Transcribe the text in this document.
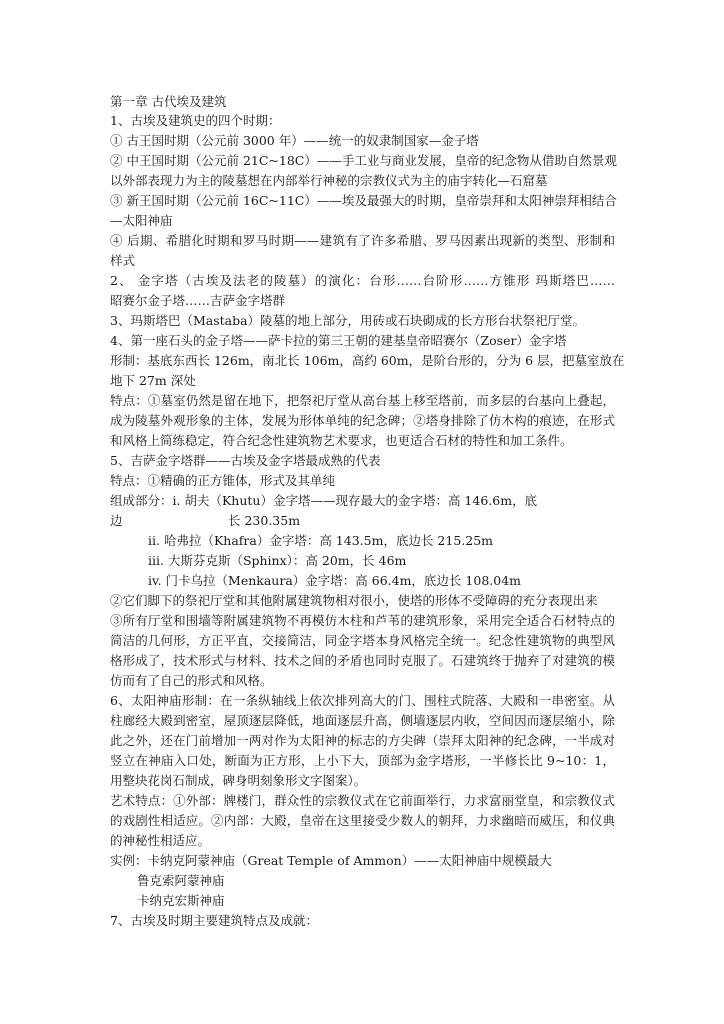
第一章 古代埃及建筑
1、古埃及建筑史的四个时期：
① 古王国时期（公元前 3000 年）——统一的奴隶制国家—金子塔
② 中王国时期（公元前 21C~18C）——手工业与商业发展，皇帝的纪念物从借助自然景观
以外部表现力为主的陵墓想在内部举行神秘的宗教仪式为主的庙宇转化—石窟墓
③ 新王国时期（公元前 16C~11C）——埃及最强大的时期，皇帝崇拜和太阳神崇拜相结合
—太阳神庙
④ 后期、希腊化时期和罗马时期——建筑有了许多希腊、罗马因素出现新的类型、形制和
样式
2、 金字塔（古埃及法老的陵墓）的演化：台形……台阶形……方锥形 玛斯塔巴……
昭赛尔金子塔……吉萨金字塔群
3、玛斯塔巴（Mastaba）陵墓的地上部分，用砖或石块砌成的长方形台状祭祀厅堂。
4、第一座石头的金子塔——萨卡拉的第三王朝的建基皇帝昭赛尔（Zoser）金字塔
形制：基底东西长 126m，南北长 106m，高约 60m，是阶台形的，分为 6 层，把墓室放在
地下 27m 深处
特点：①墓室仍然是留在地下，把祭祀厅堂从高台基上移至塔前，而多层的台基向上叠起，
成为陵墓外观形象的主体，发展为形体单纯的纪念碑；②塔身排除了仿木构的痕迹，在形式
和风格上简练稳定，符合纪念性建筑物艺术要求，也更适合石材的特性和加工条件。
5、吉萨金字塔群——古埃及金字塔最成熟的代表
特点：①精确的正方锥体，形式及其单纯
组成部分：i. 胡夫（Khutu）金字塔——现存最大的金字塔：高 146.6m，底
边	长 230.35m
ii. 哈弗拉（Khafra）金字塔：高 143.5m，底边长 215.25m
iii. 大斯芬克斯（Sphinx）：高 20m，长 46m
iv. 门卡乌拉（Menkaura）金字塔：高 66.4m，底边长 108.04m
②它们脚下的祭祀厅堂和其他附属建筑物相对很小，使塔的形体不受障碍的充分表现出来
③所有厅堂和围墙等附属建筑物不再模仿木柱和芦苇的建筑形象，采用完全适合石材特点的
简洁的几何形，方正平直，交接简洁，同金字塔本身风格完全统一。纪念性建筑物的典型风
格形成了，技术形式与材料、技术之间的矛盾也同时克服了。石建筑终于抛弃了对建筑的模
仿而有了自己的形式和风格。
6、太阳神庙形制：在一条纵轴线上依次排列高大的门、围柱式院落、大殿和一串密室。从
柱廊经大殿到密室，屋顶逐层降低，地面逐层升高，侧墙逐层内收，空间因而逐层缩小，除
此之外，还在门前增加一两对作为太阳神的标志的方尖碑（崇拜太阳神的纪念碑，一半成对
竖立在神庙入口处，断面为正方形，上小下大，顶部为金字塔形，一半修长比 9~10：1，
用整块花岗石制成，碑身明刻象形文字图案）。
艺术特点：①外部：牌楼门，群众性的宗教仪式在它前面举行，力求富丽堂皇，和宗教仪式
的戏剧性相适应。②内部：大殿，皇帝在这里接受少数人的朝拜，力求幽暗而威压，和仪典
的神秘性相适应。
实例：卡纳克阿蒙神庙（Great Temple of Ammon）——太阳神庙中规模最大
鲁克索阿蒙神庙
卡纳克宏斯神庙
7、古埃及时期主要建筑特点及成就：
